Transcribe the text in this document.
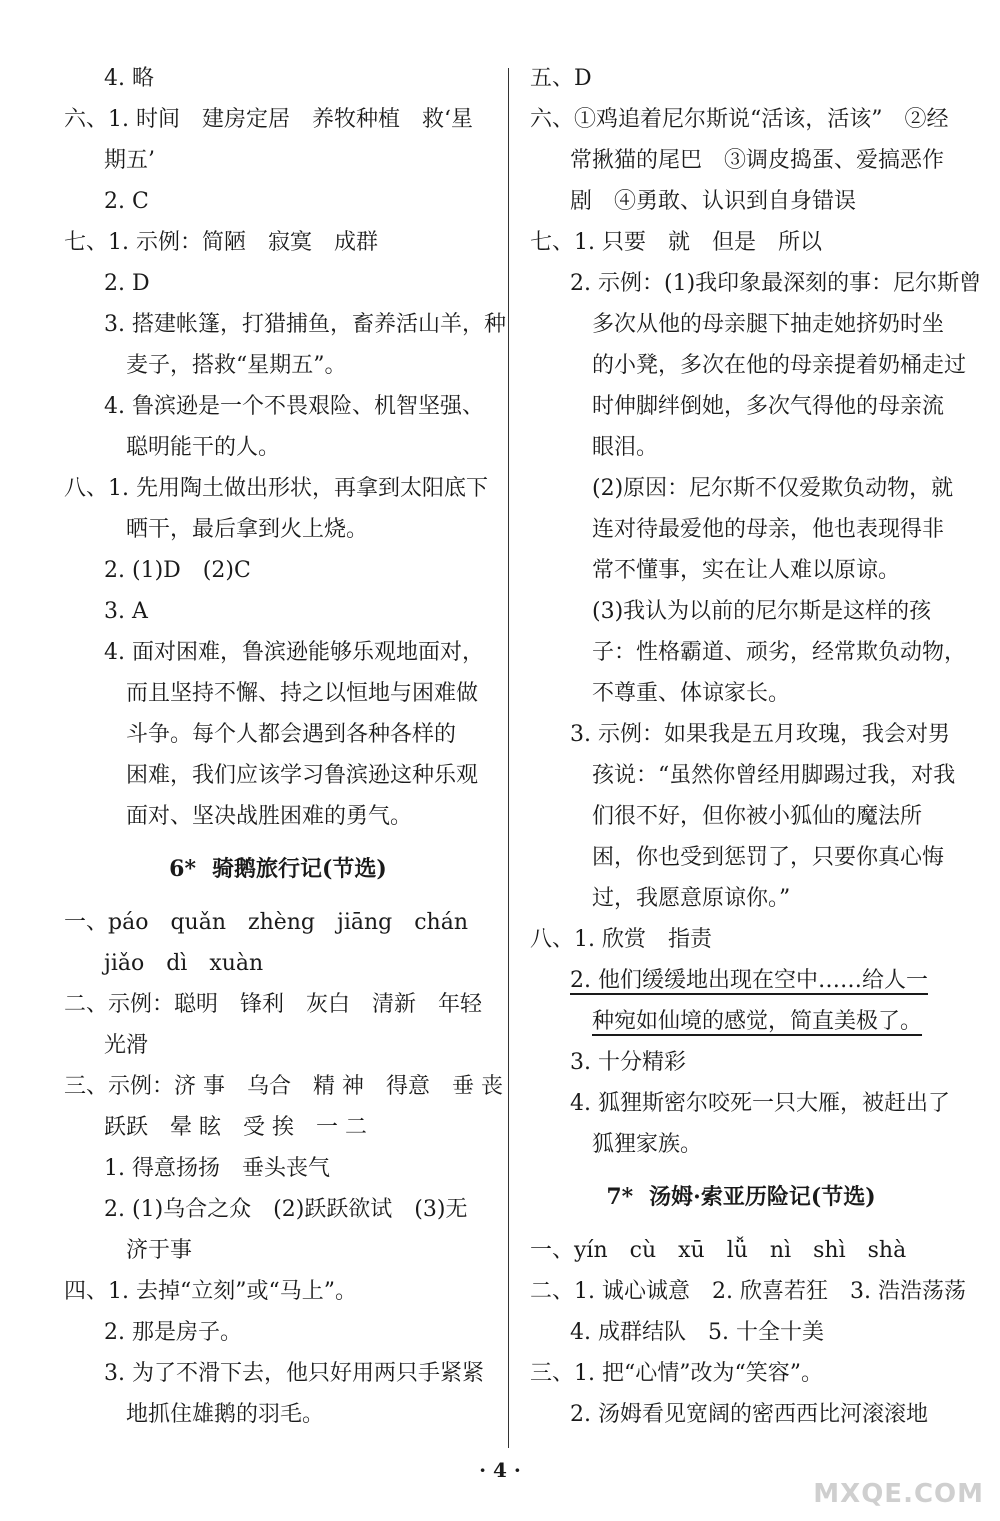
4. 略
六、1. 时间　建房定居　养牧种植　救‘星
期五’
2. C
七、1. 示例：简陋　寂寞　成群
2. D
3. 搭建帐篷，打猎捕鱼，畜养活山羊，种
麦子，搭救“星期五”。
4. 鲁滨逊是一个不畏艰险、机智坚强、
聪明能干的人。
八、1. 先用陶土做出形状，再拿到太阳底下
晒干，最后拿到火上烧。
2. (1)D　(2)C
3. A
4. 面对困难，鲁滨逊能够乐观地面对，
而且坚持不懈、持之以恒地与困难做
斗争。每个人都会遇到各种各样的
困难，我们应该学习鲁滨逊这种乐观
面对、坚决战胜困难的勇气。
6* 骑鹅旅行记(节选)
一、páo　quǎn　zhèng　jiāng　chán
jiǎo　dì　xuàn
二、示例：聪明　锋利　灰白　清新　年轻
光滑
三、示例：济 事　乌合　精 神　得意　垂 丧
跃跃　晕 眩　受 挨　一 二
1. 得意扬扬　垂头丧气
2. (1)乌合之众　(2)跃跃欲试　(3)无
济于事
四、1. 去掉“立刻”或“马上”。
2. 那是房子。
3. 为了不滑下去，他只好用两只手紧紧
地抓住雄鹅的羽毛。
五、D
六、①鸡追着尼尔斯说“活该，活该”　②经
常揪猫的尾巴　③调皮捣蛋、爱搞恶作
剧　④勇敢、认识到自身错误
七、1. 只要　就　但是　所以
2. 示例：(1)我印象最深刻的事：尼尔斯曾
多次从他的母亲腿下抽走她挤奶时坐
的小凳，多次在他的母亲提着奶桶走过
时伸脚绊倒她，多次气得他的母亲流
眼泪。
(2)原因：尼尔斯不仅爱欺负动物，就
连对待最爱他的母亲，他也表现得非
常不懂事，实在让人难以原谅。
(3)我认为以前的尼尔斯是这样的孩
子：性格霸道、顽劣，经常欺负动物，
不尊重、体谅家长。
3. 示例：如果我是五月玫瑰，我会对男
孩说：“虽然你曾经用脚踢过我，对我
们很不好，但你被小狐仙的魔法所
困，你也受到惩罚了，只要你真心悔
过，我愿意原谅你。”
八、1. 欣赏　指责
2. 他们缓缓地出现在空中……给人一
种宛如仙境的感觉，简直美极了。
3. 十分精彩
4. 狐狸斯密尔咬死一只大雁，被赶出了
狐狸家族。
7* 汤姆·索亚历险记(节选)
一、yín　cù　xū　lǚ　nì　shì　shà
二、1. 诚心诚意　2. 欣喜若狂　3. 浩浩荡荡
4. 成群结队　5. 十全十美
三、1. 把“心情”改为“笑容”。
2. 汤姆看见宽阔的密西西比河滚滚地
· 4 ·
MXQE.COM
